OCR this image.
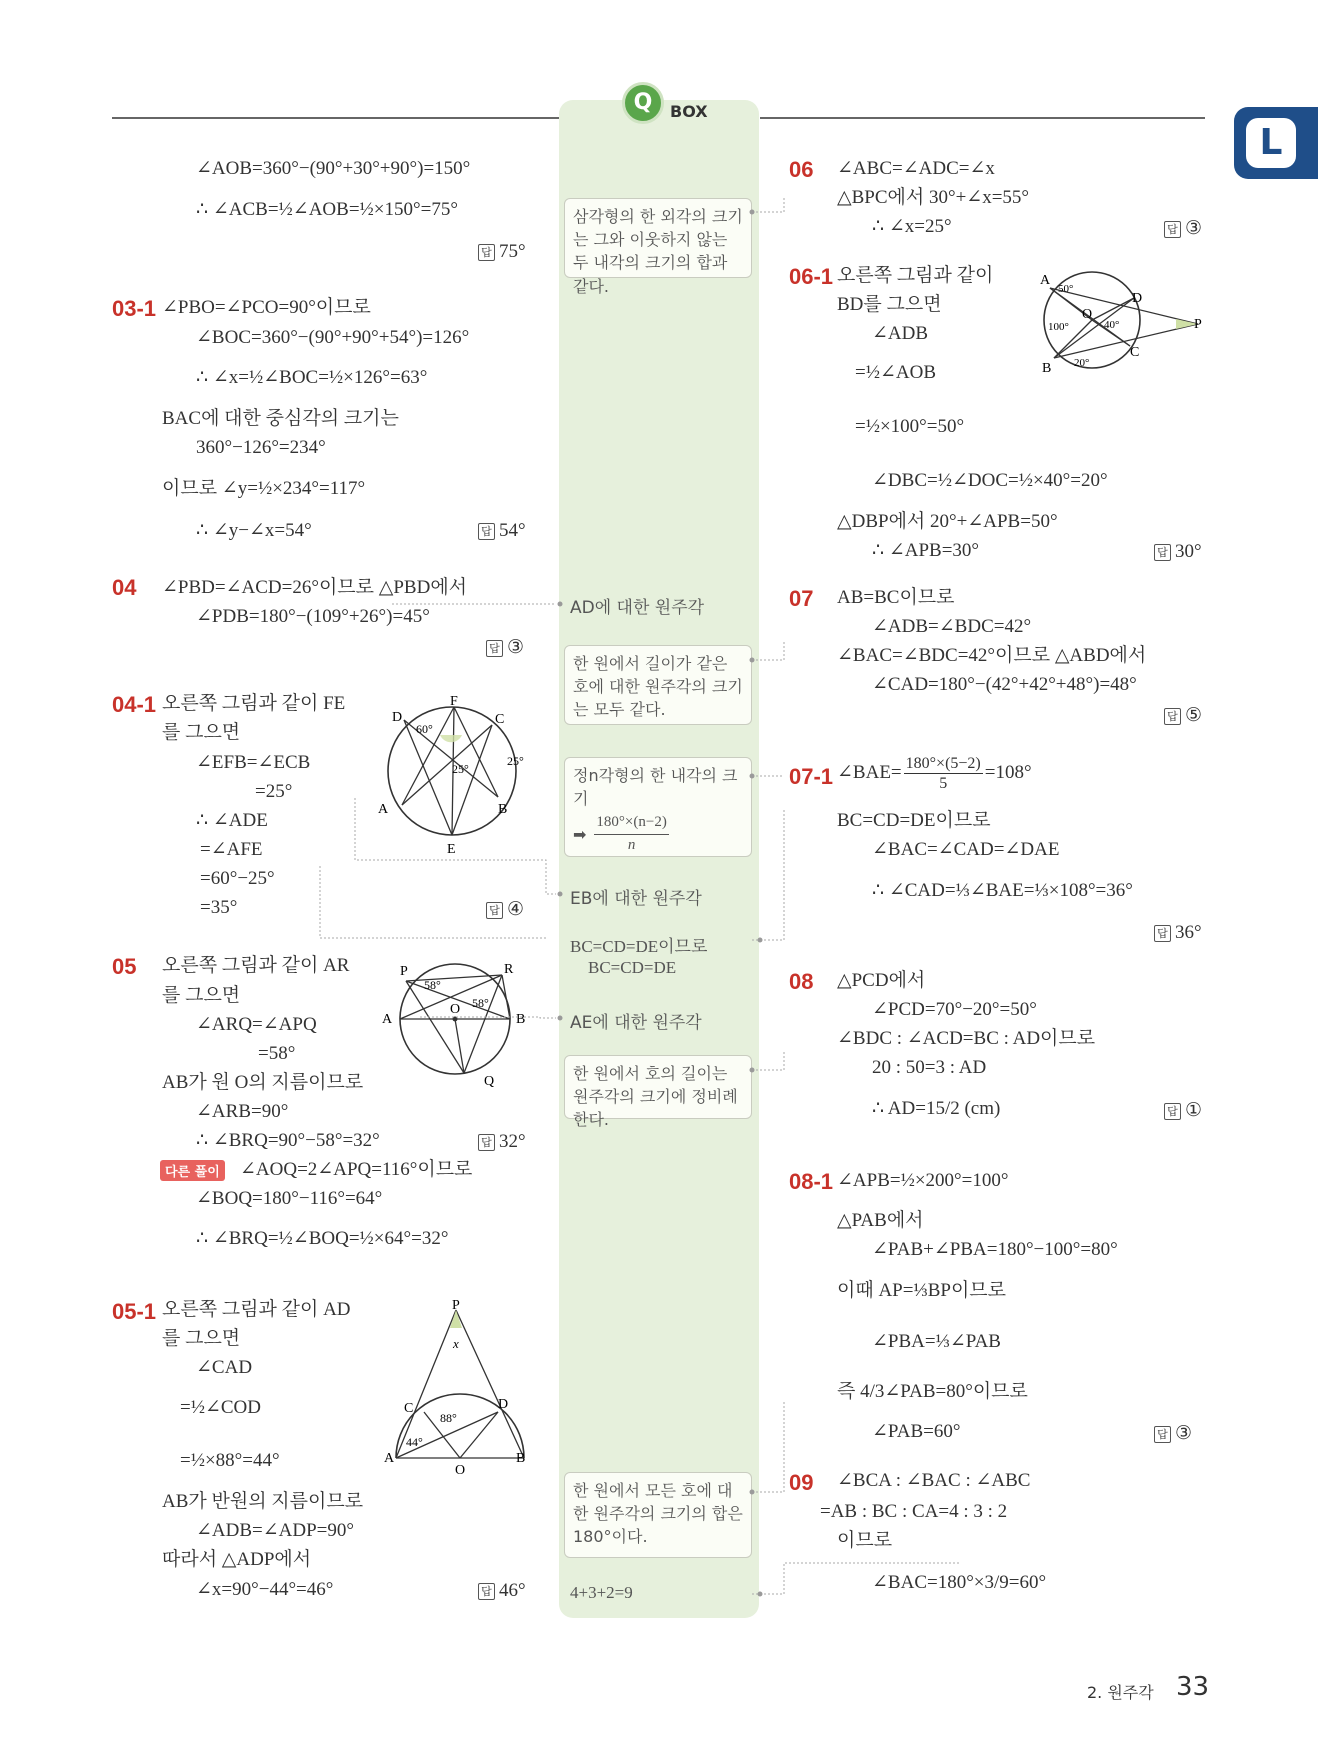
Q	BOX
L
∠AOB=360°−(90°+30°+90°)=150°
∴ ∠ACB=½∠AOB=½×150°=75°
답 75°
03-1 ∠PBO=∠PCO=90°이므로
∠BOC=360°−(90°+90°+54°)=126°
∴ ∠x=½∠BOC=½×126°=63°
BAC에 대한 중심각의 크기는
360°−126°=234°
이므로 ∠y=½×234°=117°
∴ ∠y−∠x=54°	답 54°
04 ∠PBD=∠ACD=26°이므로 △PBD에서
∠PDB=180°−(109°+26°)=45°
답 ③
04-1 오른쪽 그림과 같이 FE
를 그으면
∠EFB=∠ECB
=25°
∴ ∠ADE
=∠AFE
=60°−25°
=35°	답 ④
F
D	C
A	B
E
60°
25°
25°
05 오른쪽 그림과 같이 AR
를 그으면
∠ARQ=∠APQ
=58°
AB가 원 O의 지름이므로
∠ARB=90°
∴ ∠BRQ=90°−58°=32°	답 32°
다른 풀이 ∠AOQ=2∠APQ=116°이므로
∠BOQ=180°−116°=64°
∴ ∠BRQ=½∠BOQ=½×64°=32°
P	R
A
O
B
Q
58°
58°
05-1 오른쪽 그림과 같이 AD
를 그으면
∠CAD
=½∠COD
=½×88°=44°
AB가 반원의 지름이므로
∠ADB=∠ADP=90°
따라서 △ADP에서
∠x=90°−44°=46°	답 46°
P
x
C	D
A
O
B
44°
88°
삼각형의 한 외각의 크기는 그와 이웃하지 않는 두 내각의 크기의 합과 같다.
AD에 대한 원주각
한 원에서 길이가 같은 호에 대한 원주각의 크기는 모두 같다.
정n각형의 한 내각의 크기
➡ $\frac{180^\circ\times(n-2)}{n}$
EB에 대한 원주각
BC=CD=DE이므로
BC=CD=DE
AE에 대한 원주각
한 원에서 호의 길이는 원주각의 크기에 정비례한다.
한 원에서 모든 호에 대한 원주각의 크기의 합은 180°이다.
4+3+2=9
06 ∠ABC=∠ADC=∠x
△BPC에서 30°+∠x=55°
∴ ∠x=25°	답 ③
06-1 오른쪽 그림과 같이
BD를 그으면
∠ADB
=½∠AOB
=½×100°=50°
∠DBC=½∠DOC=½×40°=20°
△DBP에서 20°+∠APB=50°
∴ ∠APB=30°	답 30°
A
D
P
O
B
C
50°
100°	40°
20°
07 AB=BC이므로
∠ADB=∠BDC=42°
∠BAC=∠BDC=42°이므로 △ABD에서
∠CAD=180°−(42°+42°+48°)=48°
답 ⑤
07-1 ∠BAE= $\frac{180^\circ\times(5-2)}{5} =108^\circ$
BC=CD=DE이므로
∠BAC=∠CAD=∠DAE
∴ ∠CAD=⅓∠BAE=⅓×108°=36°
답 36°
08 △PCD에서
∠PCD=70°−20°=50°
∠BDC : ∠ACD=BC : AD이므로
20 : 50=3 : AD
∴ AD=15/2 (cm)	답 ①
08-1 ∠APB=½×200°=100°
△PAB에서
∠PAB+∠PBA=180°−100°=80°
이때 AP=⅓BP이므로
∠PBA=⅓∠PAB
즉 4/3∠PAB=80°이므로
∠PAB=60°	답 ③
09 ∠BCA : ∠BAC : ∠ABC
=AB : BC : CA=4 : 3 : 2
이므로
∠BAC=180°×3/9=60°
2. 원주각 33
